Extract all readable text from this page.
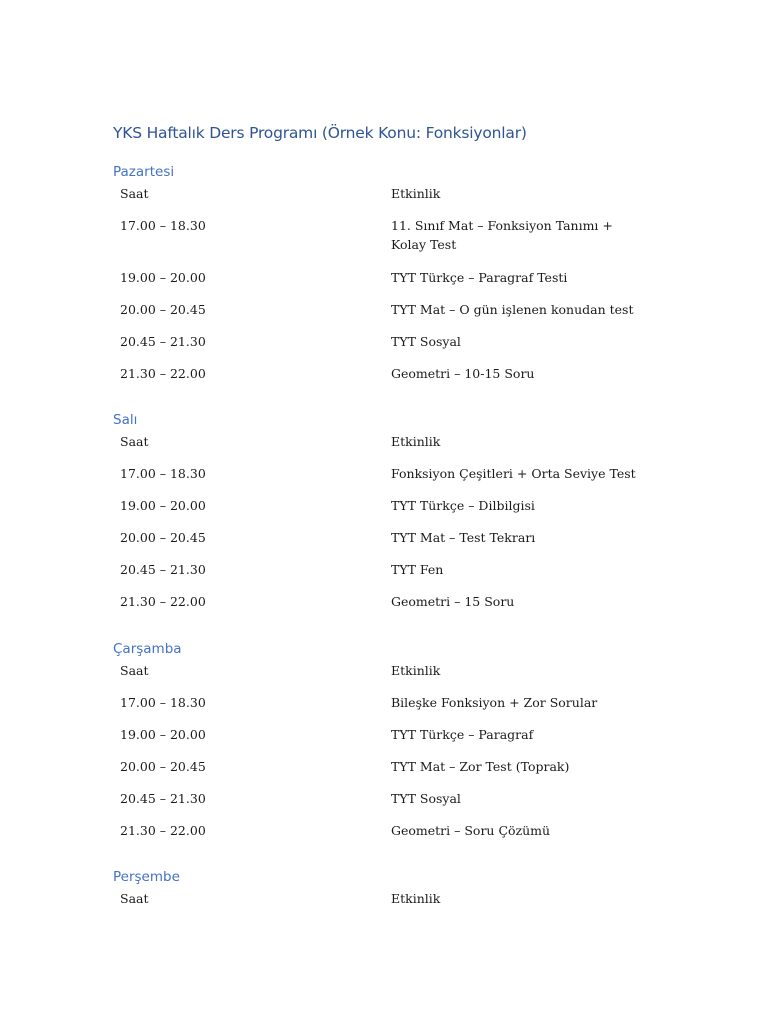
YKS Haftalık Ders Programı (Örnek Konu: Fonksiyonlar)
Pazartesi
Saat	Etkinlik
17.00 – 18.30	11. Sınıf Mat – Fonksiyon Tanımı + Kolay Test
19.00 – 20.00	TYT Türkçe – Paragraf Testi
20.00 – 20.45	TYT Mat – O gün işlenen konudan test
20.45 – 21.30	TYT Sosyal
21.30 – 22.00	Geometri – 10-15 Soru
Salı
Saat	Etkinlik
17.00 – 18.30	Fonksiyon Çeşitleri + Orta Seviye Test
19.00 – 20.00	TYT Türkçe – Dilbilgisi
20.00 – 20.45	TYT Mat – Test Tekrarı
20.45 – 21.30	TYT Fen
21.30 – 22.00	Geometri – 15 Soru
Çarşamba
Saat	Etkinlik
17.00 – 18.30	Bileşke Fonksiyon + Zor Sorular
19.00 – 20.00	TYT Türkçe – Paragraf
20.00 – 20.45	TYT Mat – Zor Test (Toprak)
20.45 – 21.30	TYT Sosyal
21.30 – 22.00	Geometri – Soru Çözümü
Perşembe
Saat	Etkinlik
